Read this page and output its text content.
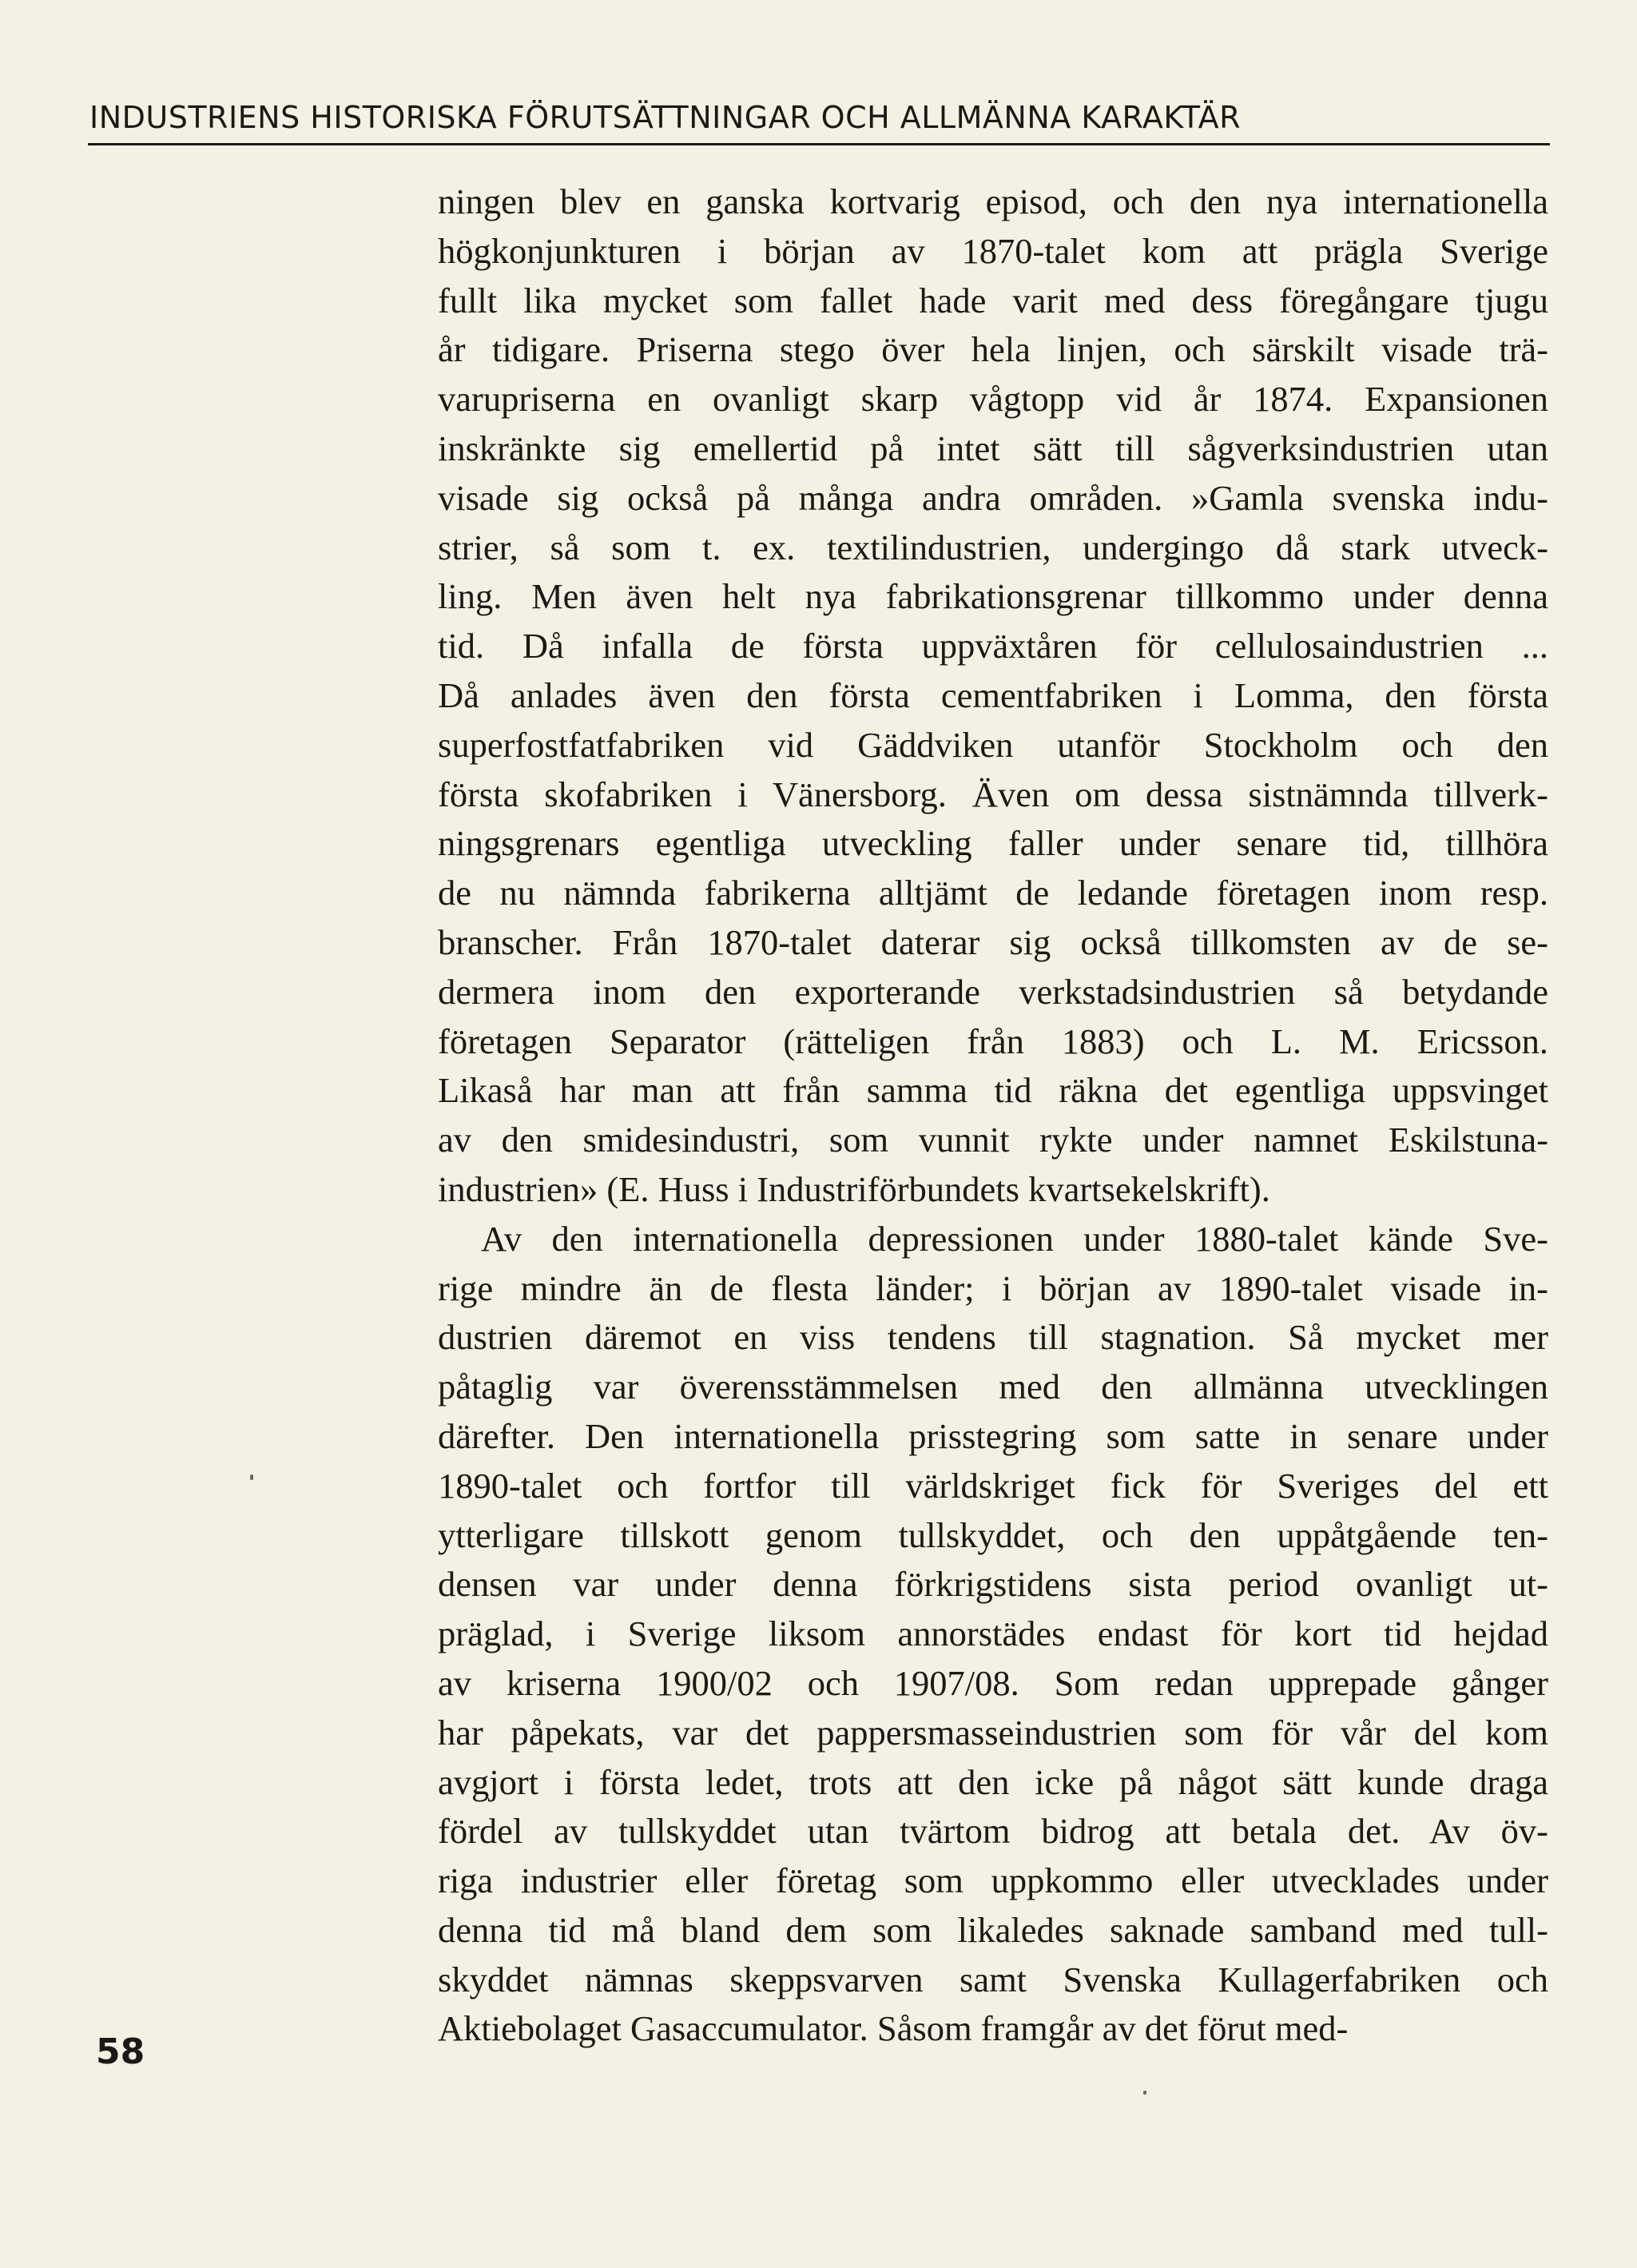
INDUSTRIENS HISTORISKA FÖRUTSÄTTNINGAR OCH ALLMÄNNA KARAKTÄR
ningen blev en ganska kortvarig episod, och den nya internationella
högkonjunkturen i början av 1870-talet kom att prägla Sverige
fullt lika mycket som fallet hade varit med dess föregångare tjugu
år tidigare. Priserna stego över hela linjen, och särskilt visade trä-
varupriserna en ovanligt skarp vågtopp vid år 1874. Expansionen
inskränkte sig emellertid på intet sätt till sågverksindustrien utan
visade sig också på många andra områden. »Gamla svenska indu-
strier, så som t. ex. textilindustrien, undergingo då stark utveck-
ling. Men även helt nya fabrikationsgrenar tillkommo under denna
tid. Då infalla de första uppväxtåren för cellulosaindustrien ...
Då anlades även den första cementfabriken i Lomma, den första
superfostfatfabriken vid Gäddviken utanför Stockholm och den
första skofabriken i Vänersborg. Även om dessa sistnämnda tillverk-
ningsgrenars egentliga utveckling faller under senare tid, tillhöra
de nu nämnda fabrikerna alltjämt de ledande företagen inom resp.
branscher. Från 1870-talet daterar sig också tillkomsten av de se-
dermera inom den exporterande verkstadsindustrien så betydande
företagen Separator (rätteligen från 1883) och L. M. Ericsson.
Likaså har man att från samma tid räkna det egentliga uppsvinget
av den smidesindustri, som vunnit rykte under namnet Eskilstuna-
industrien» (E. Huss i Industriförbundets kvartsekelskrift).
Av den internationella depressionen under 1880-talet kände Sve-
rige mindre än de flesta länder; i början av 1890-talet visade in-
dustrien däremot en viss tendens till stagnation. Så mycket mer
påtaglig var överensstämmelsen med den allmänna utvecklingen
därefter. Den internationella prisstegring som satte in senare under
1890-talet och fortfor till världskriget fick för Sveriges del ett
ytterligare tillskott genom tullskyddet, och den uppåtgående ten-
densen var under denna förkrigstidens sista period ovanligt ut-
präglad, i Sverige liksom annorstädes endast för kort tid hejdad
av kriserna 1900/02 och 1907/08. Som redan upprepade gånger
har påpekats, var det pappersmasseindustrien som för vår del kom
avgjort i första ledet, trots att den icke på något sätt kunde draga
fördel av tullskyddet utan tvärtom bidrog att betala det. Av öv-
riga industrier eller företag som uppkommo eller utvecklades under
denna tid må bland dem som likaledes saknade samband med tull-
skyddet nämnas skeppsvarven samt Svenska Kullagerfabriken och
Aktiebolaget Gasaccumulator. Såsom framgår av det förut med-
58
